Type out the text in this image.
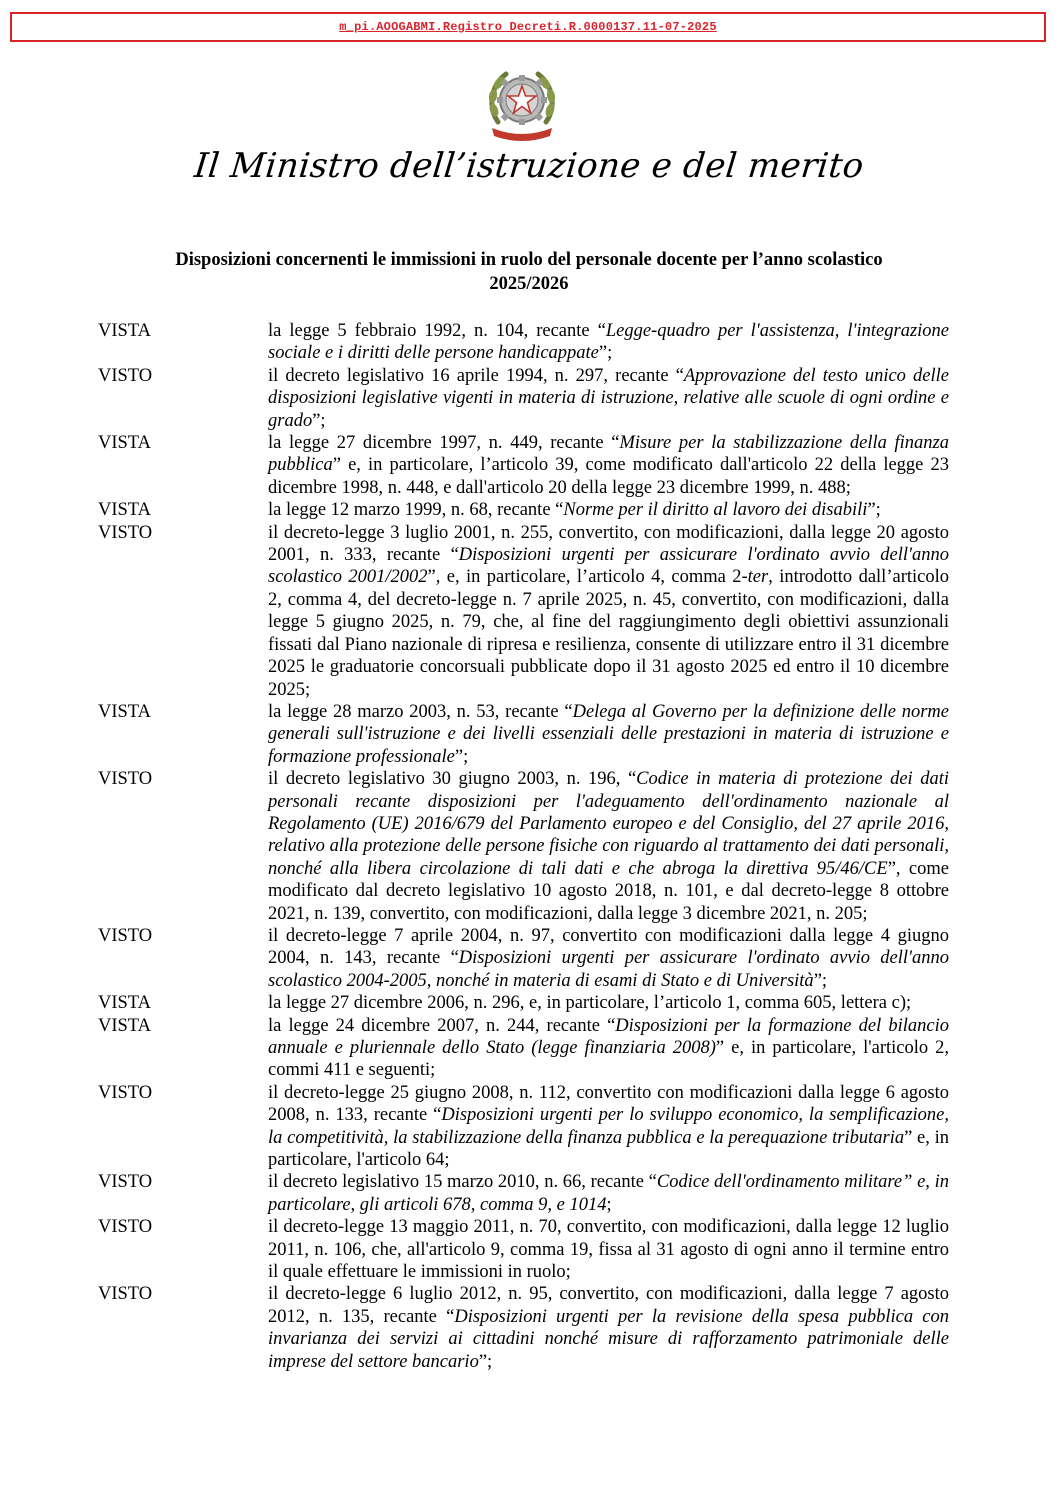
m_pi.AOOGABMI.Registro Decreti.R.0000137.11-07-2025
Il Ministro dell’istruzione e del merito
Disposizioni concernenti le immissioni in ruolo del personale docente per l’anno scolastico
2025/2026
VISTA	la legge 5 febbraio 1992, n. 104, recante “Legge-quadro per l'assistenza, l'integrazione sociale e i diritti delle persone handicappate”;
VISTO	il decreto legislativo 16 aprile 1994, n. 297, recante “Approvazione del testo unico delle disposizioni legislative vigenti in materia di istruzione, relative alle scuole di ogni ordine e grado”;
VISTA	la legge 27 dicembre 1997, n. 449, recante “Misure per la stabilizzazione della finanza pubblica” e, in particolare, l’articolo 39, come modificato dall'articolo 22 della legge 23 dicembre 1998, n. 448, e dall'articolo 20 della legge 23 dicembre 1999, n. 488;
VISTA	la legge 12 marzo 1999, n. 68, recante “Norme per il diritto al lavoro dei disabili”;
VISTO	il decreto-legge 3 luglio 2001, n. 255, convertito, con modificazioni, dalla legge 20 agosto 2001, n. 333, recante “Disposizioni urgenti per assicurare l'ordinato avvio dell'anno scolastico 2001/2002”, e, in particolare, l’articolo 4, comma 2-ter, introdotto dall’articolo 2, comma 4, del decreto-legge n. 7 aprile 2025, n. 45, convertito, con modificazioni, dalla legge 5 giugno 2025, n. 79, che, al fine del raggiungimento degli obiettivi assunzionali fissati dal Piano nazionale di ripresa e resilienza, consente di utilizzare entro il 31 dicembre 2025 le graduatorie concorsuali pubblicate dopo il 31 agosto 2025 ed entro il 10 dicembre 2025;
VISTA	la legge 28 marzo 2003, n. 53, recante “Delega al Governo per la definizione delle norme generali sull'istruzione e dei livelli essenziali delle prestazioni in materia di istruzione e formazione professionale”;
VISTO	il decreto legislativo 30 giugno 2003, n. 196, “Codice in materia di protezione dei dati personali recante disposizioni per l'adeguamento dell'ordinamento nazionale al Regolamento (UE) 2016/679 del Parlamento europeo e del Consiglio, del 27 aprile 2016, relativo alla protezione delle persone fisiche con riguardo al trattamento dei dati personali, nonché alla libera circolazione di tali dati e che abroga la direttiva 95/46/CE”, come modificato dal decreto legislativo 10 agosto 2018, n. 101, e dal decreto-legge 8 ottobre 2021, n. 139, convertito, con modificazioni, dalla legge 3 dicembre 2021, n. 205;
VISTO	il decreto-legge 7 aprile 2004, n. 97, convertito con modificazioni dalla legge 4 giugno 2004, n. 143, recante “Disposizioni urgenti per assicurare l'ordinato avvio dell'anno scolastico 2004-2005, nonché in materia di esami di Stato e di Università”;
VISTA	la legge 27 dicembre 2006, n. 296, e, in particolare, l’articolo 1, comma 605, lettera c);
VISTA	la legge 24 dicembre 2007, n. 244, recante “Disposizioni per la formazione del bilancio annuale e pluriennale dello Stato (legge finanziaria 2008)” e, in particolare, l'articolo 2, commi 411 e seguenti;
VISTO	il decreto-legge 25 giugno 2008, n. 112, convertito con modificazioni dalla legge 6 agosto 2008, n. 133, recante “Disposizioni urgenti per lo sviluppo economico, la semplificazione, la competitività, la stabilizzazione della finanza pubblica e la perequazione tributaria” e, in particolare, l'articolo 64;
VISTO	il decreto legislativo 15 marzo 2010, n. 66, recante “Codice dell'ordinamento militare” e, in particolare, gli articoli 678, comma 9, e 1014;
VISTO	il decreto-legge 13 maggio 2011, n. 70, convertito, con modificazioni, dalla legge 12 luglio 2011, n. 106, che, all'articolo 9, comma 19, fissa al 31 agosto di ogni anno il termine entro il quale effettuare le immissioni in ruolo;
VISTO	il decreto-legge 6 luglio 2012, n. 95, convertito, con modificazioni, dalla legge 7 agosto 2012, n. 135, recante “Disposizioni urgenti per la revisione della spesa pubblica con invarianza dei servizi ai cittadini nonché misure di rafforzamento patrimoniale delle imprese del settore bancario”;
